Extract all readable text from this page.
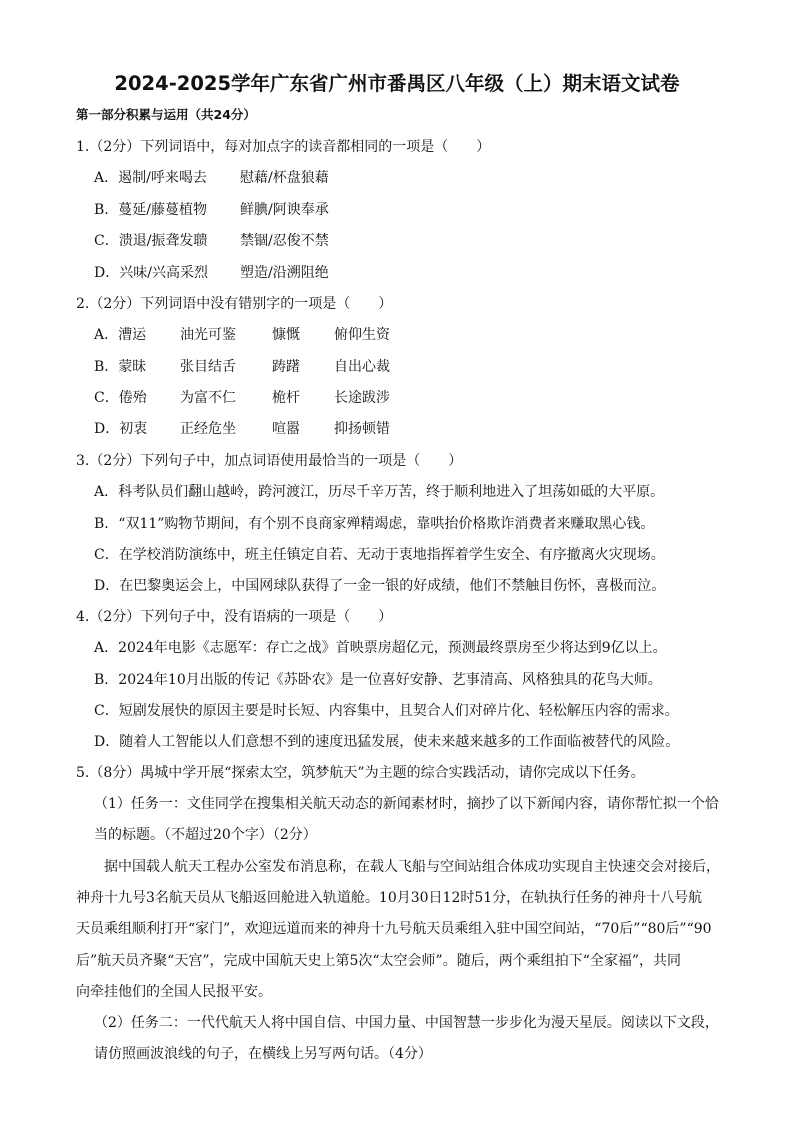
2024-2025学年广东省广州市番禺区八年级（上）期末语文试卷
第一部分积累与运用（共24分）
1.（2分）下列词语中，每对加点字的读音都相同的一项是（　　）
A．遏制/呼来喝去 慰藉/杯盘狼藉
B．蔓延/藤蔓植物 鲜腆/阿谀奉承
C．溃退/振聋发聩 禁锢/忍俊不禁
D．兴味/兴高采烈 塑造/沿溯阻绝
2.（2分）下列词语中没有错别字的一项是（　　）
A．漕运 油光可鉴	慷慨 俯仰生资
B．蒙昧 张目结舌	踌躇 自出心裁
C．倦殆 为富不仁	桅杆 长途跋涉
D．初衷 正经危坐	喧嚣 抑扬顿错
3.（2分）下列句子中，加点词语使用最恰当的一项是（　　）
A．科考队员们翻山越岭，跨河渡江，历尽千辛万苦，终于顺利地进入了坦荡如砥的大平原。
B．“双11”购物节期间，有个别不良商家殚精竭虑，靠哄抬价格欺诈消费者来赚取黑心钱。
C．在学校消防演练中，班主任镇定自若、无动于衷地指挥着学生安全、有序撤离火灾现场。
D．在巴黎奥运会上，中国网球队获得了一金一银的好成绩，他们不禁触目伤怀，喜极而泣。
4.（2分）下列句子中，没有语病的一项是（　　）
A．2024年电影《志愿军：存亡之战》首映票房超亿元，预测最终票房至少将达到9亿以上。
B．2024年10月出版的传记《苏卧农》是一位喜好安静、艺事清高、风格独具的花鸟大师。
C．短剧发展快的原因主要是时长短、内容集中，且契合人们对碎片化、轻松解压内容的需求。
D．随着人工智能以人们意想不到的速度迅猛发展，使未来越来越多的工作面临被替代的风险。
5.（8分）禺城中学开展“探索太空，筑梦航天”为主题的综合实践活动，请你完成以下任务。
（1）任务一：文佳同学在搜集相关航天动态的新闻素材时，摘抄了以下新闻内容，请你帮忙拟一个恰
当的标题。（不超过20个字）（2分）
据中国载人航天工程办公室发布消息称，在载人飞船与空间站组合体成功实现自主快速交会对接后，
神舟十九号3名航天员从飞船返回舱进入轨道舱。10月30日12时51分，在轨执行任务的神舟十八号航
天员乘组顺利打开“家门”，欢迎远道而来的神舟十九号航天员乘组入驻中国空间站，“70后”“80后”“90
后”航天员齐聚“天宫”，完成中国航天史上第5次“太空会师”。随后，两个乘组拍下“全家福”，共同
向牵挂他们的全国人民报平安。
（2）任务二：一代代航天人将中国自信、中国力量、中国智慧一步步化为漫天星辰。阅读以下文段，
请仿照画波浪线的句子，在横线上另写两句话。（4分）
